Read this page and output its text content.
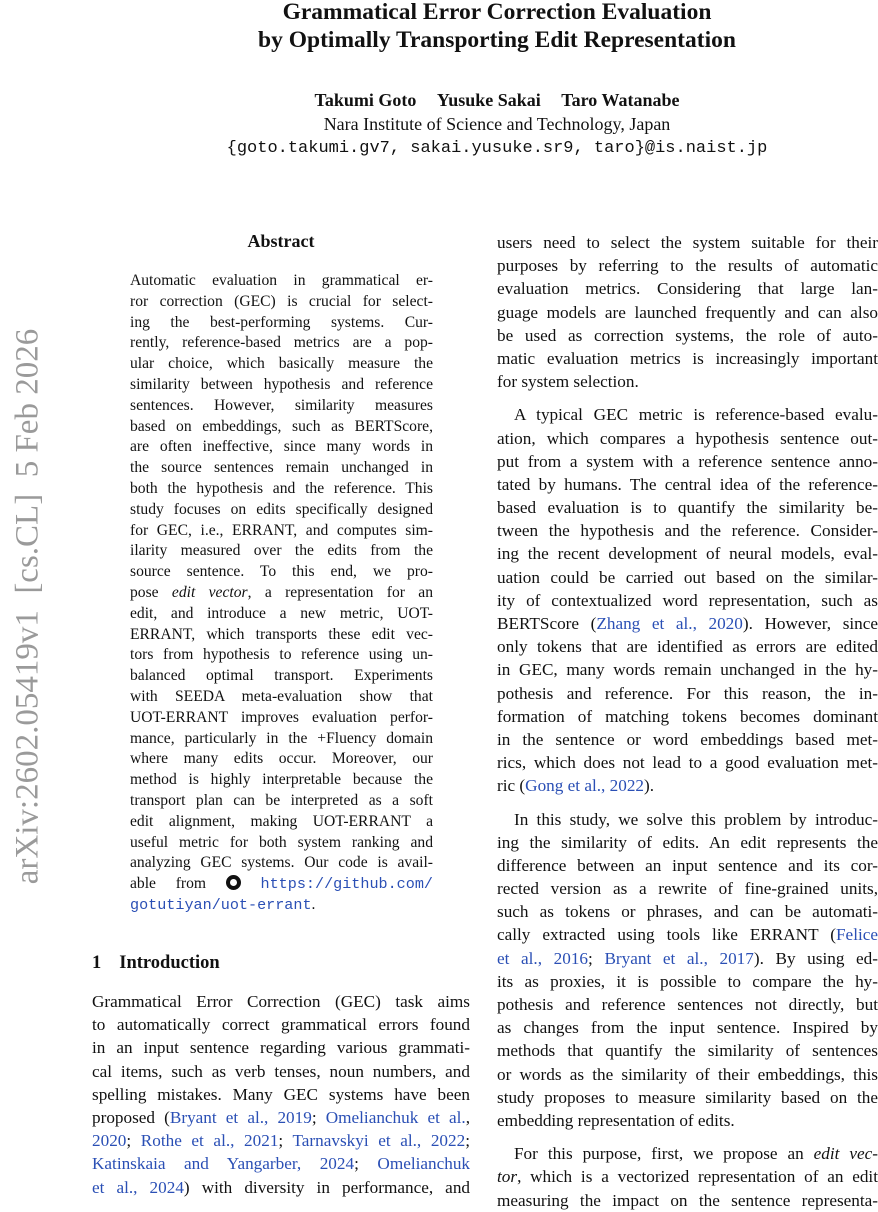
Grammatical Error Correction Evaluation
by Optimally Transporting Edit Representation
Takumi Goto Yusuke Sakai Taro Watanabe
Nara Institute of Science and Technology, Japan
{goto.takumi.gv7, sakai.yusuke.sr9, taro}@is.naist.jp
arXiv:2602.05419v1  [cs.CL]  5 Feb 2026
Abstract
Automatic evaluation in grammatical er-
ror correction (GEC) is crucial for select-
ing the best-performing systems. Cur-
rently, reference-based metrics are a pop-
ular choice, which basically measure the
similarity between hypothesis and reference
sentences. However, similarity measures
based on embeddings, such as BERTScore,
are often ineffective, since many words in
the source sentences remain unchanged in
both the hypothesis and the reference. This
study focuses on edits specifically designed
for GEC, i.e., ERRANT, and computes sim-
ilarity measured over the edits from the
source sentence. To this end, we pro-
pose edit vector, a representation for an
edit, and introduce a new metric, UOT-
ERRANT, which transports these edit vec-
tors from hypothesis to reference using un-
balanced optimal transport. Experiments
with SEEDA meta-evaluation show that
UOT-ERRANT improves evaluation perfor-
mance, particularly in the +Fluency domain
where many edits occur. Moreover, our
method is highly interpretable because the
transport plan can be interpreted as a soft
edit alignment, making UOT-ERRANT a
useful metric for both system ranking and
analyzing GEC systems. Our code is avail-
able from  https://github.com/
gotutiyan/uot-errant.
1 Introduction
Grammatical Error Correction (GEC) task aims
to automatically correct grammatical errors found
in an input sentence regarding various grammati-
cal items, such as verb tenses, noun numbers, and
spelling mistakes. Many GEC systems have been
proposed (Bryant et al., 2019; Omelianchuk et al.,
2020; Rothe et al., 2021; Tarnavskyi et al., 2022;
Katinskaia and Yangarber, 2024; Omelianchuk
et al., 2024) with diversity in performance, and
users need to select the system suitable for their
purposes by referring to the results of automatic
evaluation metrics. Considering that large lan-
guage models are launched frequently and can also
be used as correction systems, the role of auto-
matic evaluation metrics is increasingly important
for system selection.
A typical GEC metric is reference-based evalu-
ation, which compares a hypothesis sentence out-
put from a system with a reference sentence anno-
tated by humans. The central idea of the reference-
based evaluation is to quantify the similarity be-
tween the hypothesis and the reference. Consider-
ing the recent development of neural models, eval-
uation could be carried out based on the similar-
ity of contextualized word representation, such as
BERTScore (Zhang et al., 2020). However, since
only tokens that are identified as errors are edited
in GEC, many words remain unchanged in the hy-
pothesis and reference. For this reason, the in-
formation of matching tokens becomes dominant
in the sentence or word embeddings based met-
rics, which does not lead to a good evaluation met-
ric (Gong et al., 2022).
In this study, we solve this problem by introduc-
ing the similarity of edits. An edit represents the
difference between an input sentence and its cor-
rected version as a rewrite of fine-grained units,
such as tokens or phrases, and can be automati-
cally extracted using tools like ERRANT (Felice
et al., 2016; Bryant et al., 2017). By using ed-
its as proxies, it is possible to compare the hy-
pothesis and reference sentences not directly, but
as changes from the input sentence. Inspired by
methods that quantify the similarity of sentences
or words as the similarity of their embeddings, this
study proposes to measure similarity based on the
embedding representation of edits.
For this purpose, first, we propose an edit vec-
tor, which is a vectorized representation of an edit
measuring the impact on the sentence representa-
